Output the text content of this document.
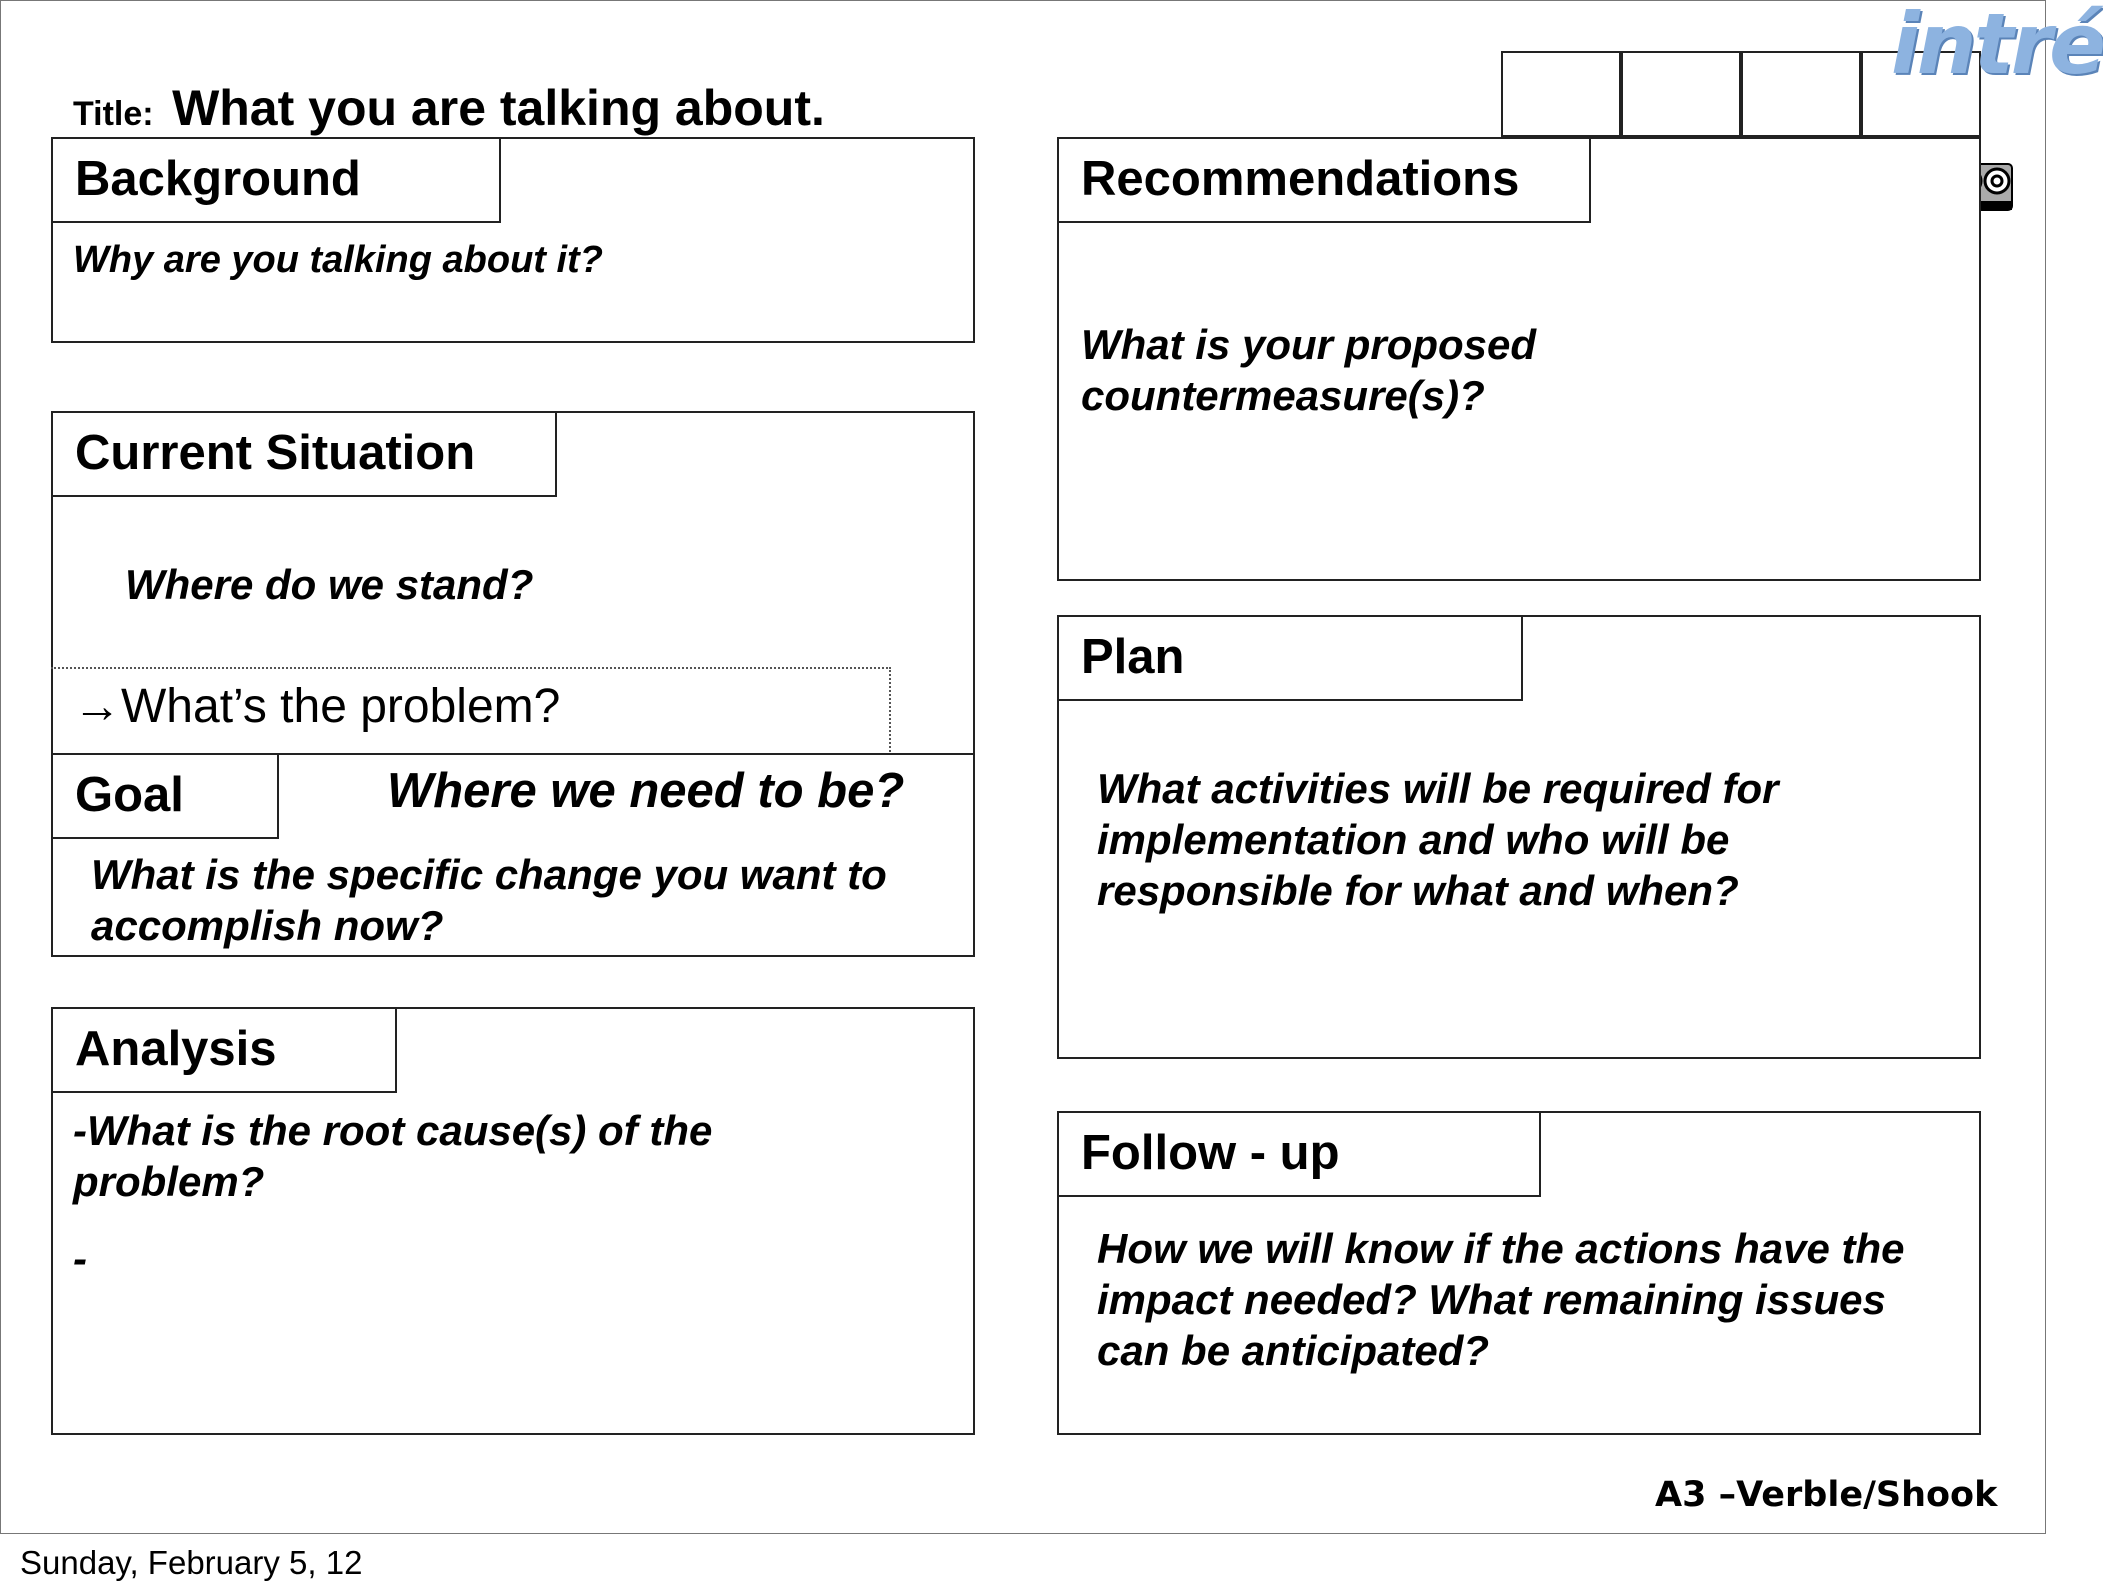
Title: What you are talking about.
intré
Background
Why are you talking about it?
Current Situation
Where do we stand?
→What’s the problem?
Goal	Where we need to be?
What is the specific change you want to accomplish now?
Analysis
-What is the root cause(s) of the problem?
-
Recommendations
What is your proposed countermeasure(s)?
Plan
What activities will be required for implementation and who will be responsible for what and when?
Follow - up
How we will know if the actions have the impact needed? What remaining issues can be anticipated?
A3 –Verble/Shook
Sunday, February 5, 12
